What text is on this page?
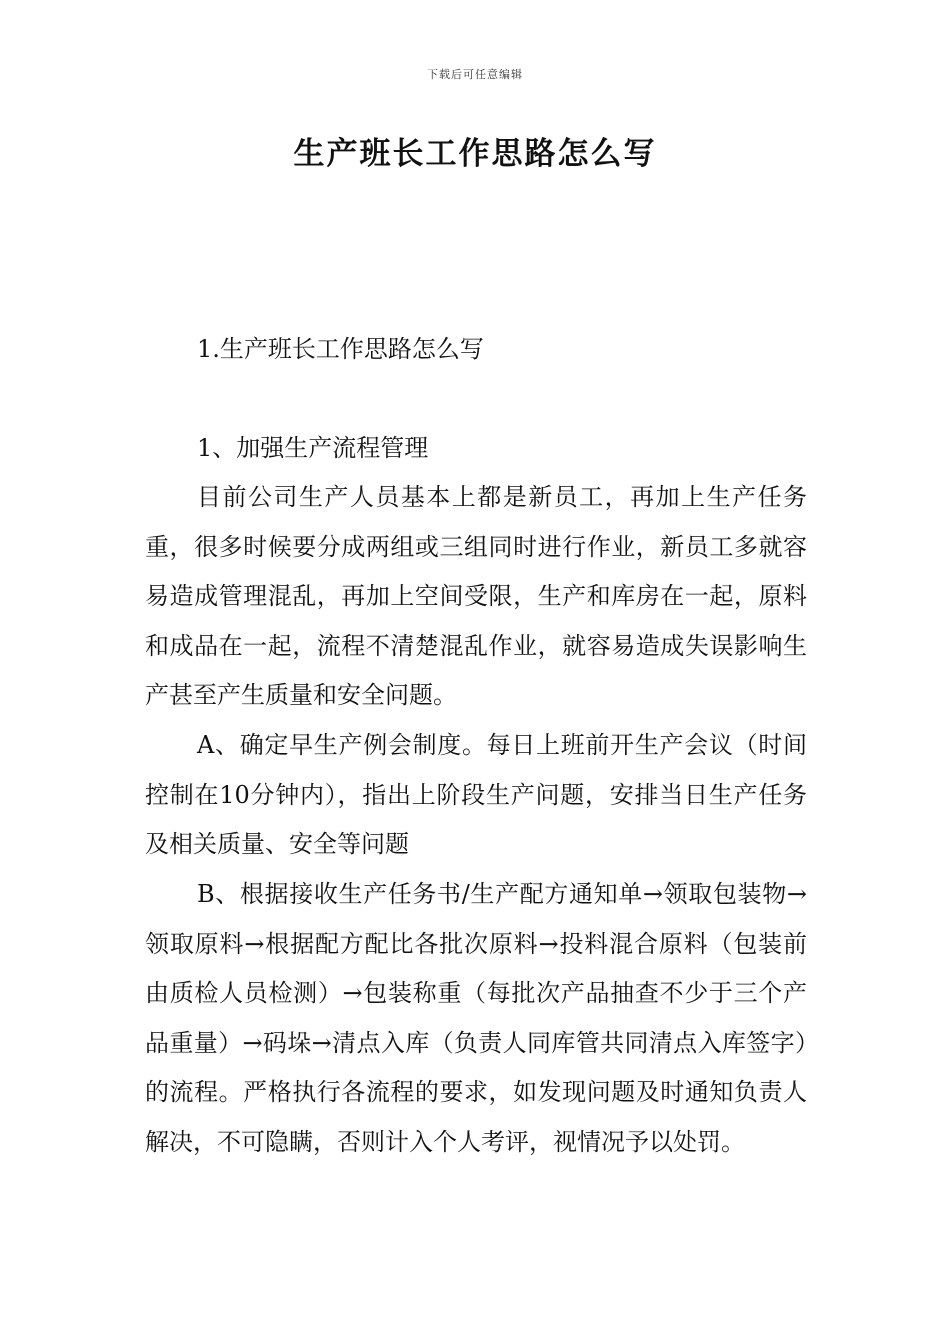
下载后可任意编辑
生产班长工作思路怎么写

1.生产班长工作思路怎么写

1、加强生产流程管理

目前公司生产人员基本上都是新员工，再加上生产任务重，很多时候要分成两组或三组同时进行作业，新员工多就容易造成管理混乱，再加上空间受限，生产和库房在一起，原料和成品在一起，流程不清楚混乱作业，就容易造成失误影响生产甚至产生质量和安全问题。

A、确定早生产例会制度。每日上班前开生产会议（时间控制在10分钟内），指出上阶段生产问题，安排当日生产任务及相关质量、安全等问题

B、根据接收生产任务书/生产配方通知单→领取包装物→领取原料→根据配方配比各批次原料→投料混合原料（包装前由质检人员检测）→包装称重（每批次产品抽查不少于三个产品重量）→码垛→清点入库（负责人同库管共同清点入库签字）的流程。严格执行各流程的要求，如发现问题及时通知负责人解决，不可隐瞒，否则计入个人考评，视情况予以处罚。
